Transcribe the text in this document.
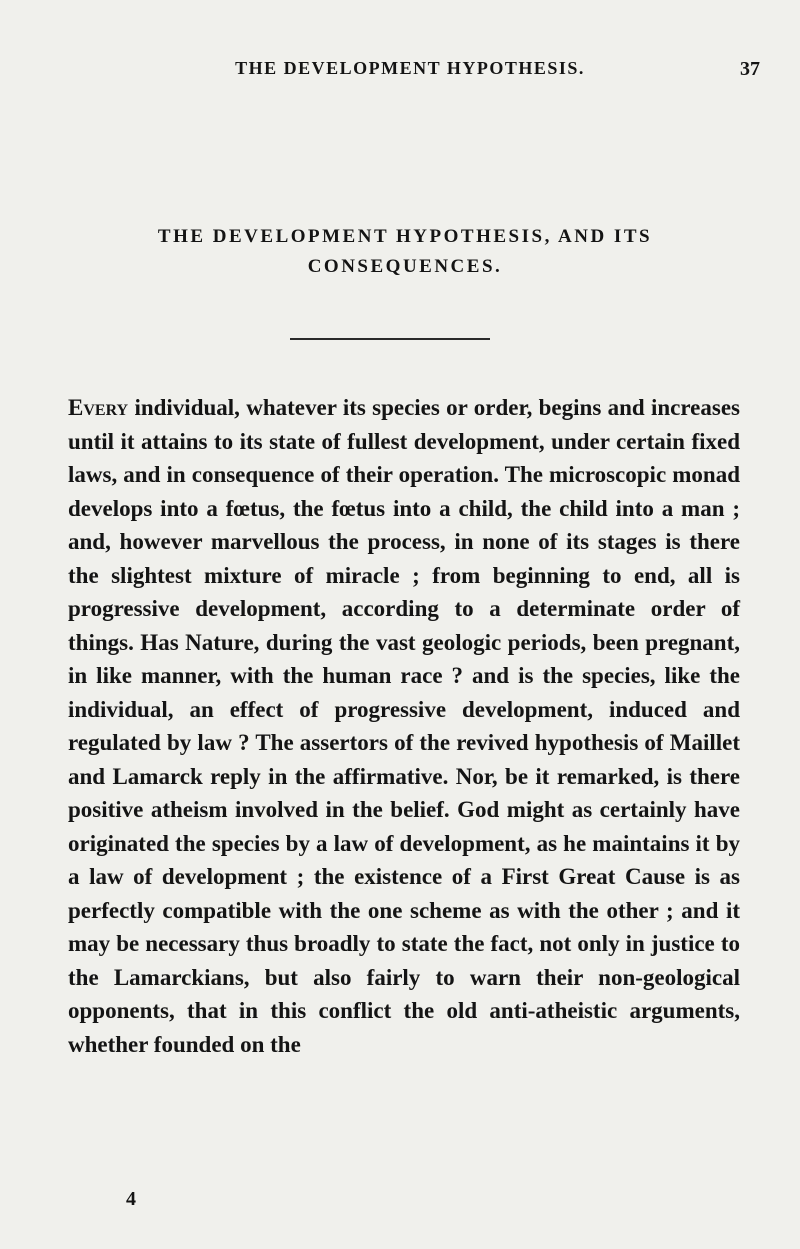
THE DEVELOPMENT HYPOTHESIS.	37
THE DEVELOPMENT HYPOTHESIS, AND ITS
CONSEQUENCES.

Every individual, whatever its species or order, begins and increases until it attains to its state of fullest development, under certain fixed laws, and in consequence of their operation. The microscopic monad develops into a fœtus, the fœtus into a child, the child into a man ; and, however marvellous the process, in none of its stages is there the slightest mixture of miracle ; from beginning to end, all is progressive development, according to a determinate order of things. Has Nature, during the vast geologic periods, been pregnant, in like manner, with the human race ? and is the species, like the individual, an effect of progressive development, induced and regulated by law ? The assertors of the revived hypothesis of Maillet and Lamarck reply in the affirmative. Nor, be it remarked, is there positive atheism involved in the belief. God might as certainly have originated the species by a law of development, as he maintains it by a law of development ; the existence of a First Great Cause is as perfectly compatible with the one scheme as with the other ; and it may be necessary thus broadly to state the fact, not only in justice to the Lamarckians, but also fairly to warn their non-geological opponents, that in this conflict the old anti-atheistic arguments, whether founded on the

4
